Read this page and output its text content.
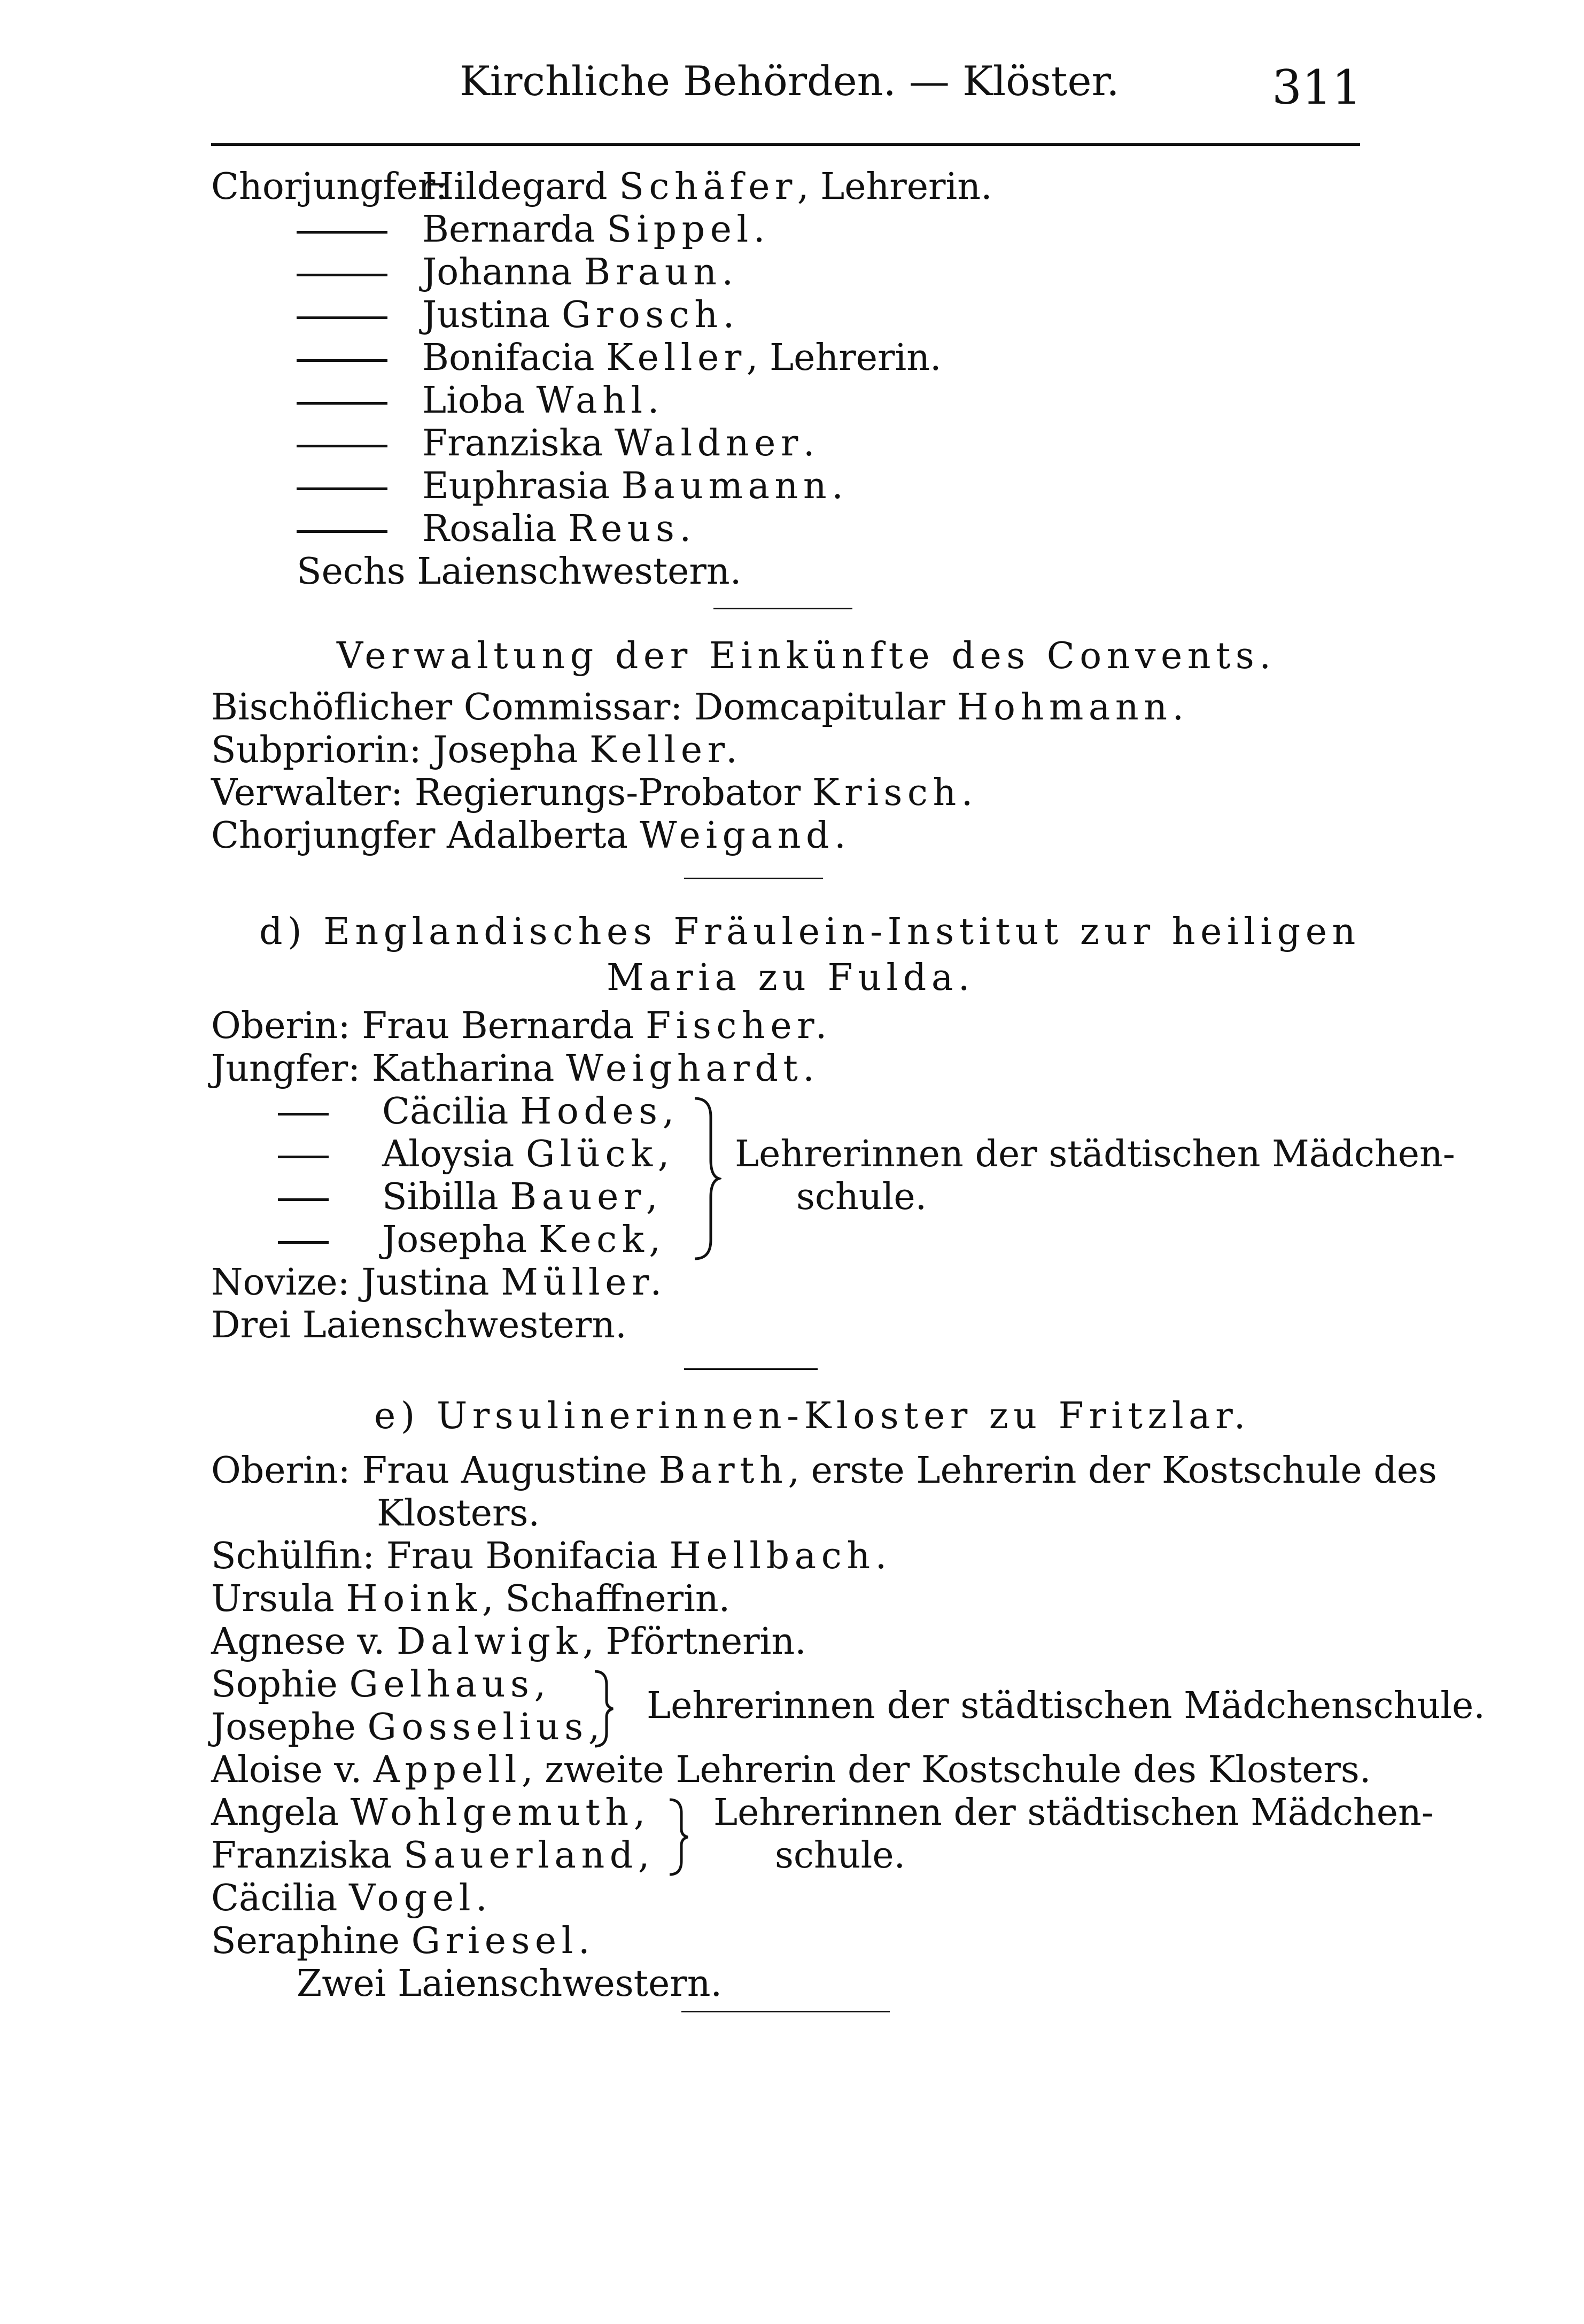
Kirchliche Behörden. — Klöster.	311
Chorjungfer:
Hildegard Schäfer, Lehrerin.
Bernarda Sippel.
Johanna Braun.
Justina Grosch.
Bonifacia Keller, Lehrerin.
Lioba Wahl.
Franziska Waldner.
Euphrasia Baumann.
Rosalia Reus.
Sechs Laienschwestern.
Verwaltung der Einkünfte des Convents.
Bischöflicher Commissar: Domcapitular Hohmann.
Subpriorin: Josepha Keller.
Verwalter: Regierungs-Probator Krisch.
Chorjungfer Adalberta Weigand.
d) Englandisches Fräulein-Institut zur heiligen
Maria zu Fulda.
Oberin: Frau Bernarda Fischer.
Jungfer: Katharina Weighardt.
Cäcilia Hodes,
Aloysia Glück,
Sibilla Bauer,
Josepha Keck,
Lehrerinnen der städtischen Mädchen-
schule.
Novize: Justina Müller.
Drei Laienschwestern.
e) Ursulinerinnen-Kloster zu Fritzlar.
Oberin: Frau Augustine Barth, erste Lehrerin der Kostschule des
Klosters.
Schülfin: Frau Bonifacia Hellbach.
Ursula Hoink, Schaffnerin.
Agnese v. Dalwigk, Pförtnerin.
Sophie Gelhaus,
Josephe Gosselius,
Lehrerinnen der städtischen Mädchenschule.
Aloise v. Appell, zweite Lehrerin der Kostschule des Klosters.
Angela Wohlgemuth,
Franziska Sauerland,
Lehrerinnen der städtischen Mädchen-
schule.
Cäcilia Vogel.
Seraphine Griesel.
Zwei Laienschwestern.
